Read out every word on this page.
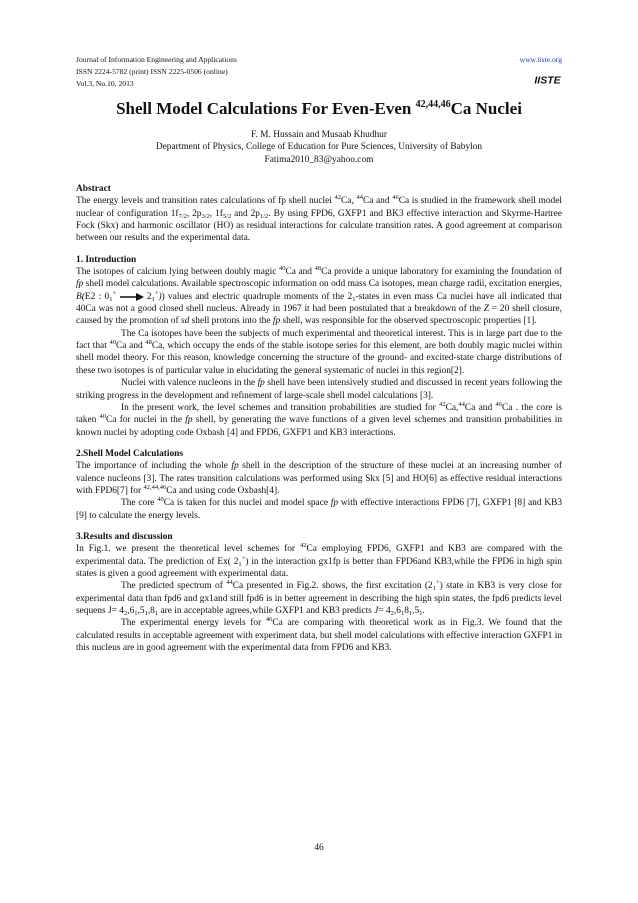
Journal of Information Engineering and Applications
ISSN 2224-5782 (print) ISSN 2225-0506 (online)
Vol.3, No.10, 2013
www.iiste.org
IISTE
Shell Model Calculations For Even-Even $^{42,44,46}$Ca Nuclei
F. M. Hussain and Musaab Khudhur
Department of Physics, College of Education for Pure Sciences, University of Babylon
Fatima2010_83@yahoo.com

Abstract

The energy levels and transition rates calculations of fp shell nuclei $^{42}$Ca, $^{44}$Ca and $^{46}$Ca is studied in the framework shell model nuclear of configuration $1f_{7/2}$, $2p_{3/2}$, $1f_{5/2}$ and $2p_{1/2}$. By using FPD6, GXFP1 and BK3 effective interaction and Skyrme-Hartree Fock (Skx) and harmonic oscillator (HO) as residual interactions for calculate transition rates. A good agreement at comparison between our results and the experimental data.

1. Introduction

The isotopes of calcium lying between doubly magic $^{40}$Ca and $^{48}$Ca provide a unique laboratory for examining the foundation of fp shell model calculations. Available spectroscopic information on odd mass Ca isotopes, mean charge radii, excitation energies, B(E2 : $0_1^+$	$2_1^+$)) values and electric quadruple moments of the $2_1$-states in even mass Ca nuclei have all indicated that 40Ca was not a good closed shell nucleus. Already in 1967 it had been postulated that a breakdown of the Z = 20 shell closure, caused by the promotion of sd shell protons into the fp shell, was responsible for the observed spectroscopic properties [1].

The Ca isotopes have been the subjects of much experimental and theoretical interest. This is in large part due to the fact that $^{40}$Ca and $^{48}$Ca, which occupy the ends of the stable isotope series for this element, are both doubly magic nuclei within shell model theory. For this reason, knowledge concerning the structure of the ground- and excited-state charge distributions of these two isotopes is of particular value in elucidating the general systematic of nuclei in this region[2].

Nuclei with valence nucleons in the fp shell have been intensively studied and discussed in recent years following the striking progress in the development and refinement of large-scale shell model calculations [3].

In the present work, the level schemes and transition probabilities are studied for $^{42}$Ca,$^{44}$Ca and $^{46}$Ca . the core is taken $^{40}$Ca for nuclei in the fp shell, by generating the wave functions of a given level schemes and transition probabilities in known nuclei by adopting code Oxbash [4] and FPD6, GXFP1 and KB3 interactions.

2.Shell Model Calculations

The importance of including the whole fp shell in the description of the structure of these nuclei at an increasing number of valence nucleons [3]. The rates transition calculations was performed using Skx [5] and HO[6] as effective residual interactions with FPD6[7] for $^{42,44,46}$Ca and using code Oxbash[4].

The core $^{40}$Ca is taken for this nuclei and model space fp with effective interactions FPD6 [7], GXFP1 [8] and KB3 [9] to calculate the energy levels.

3.Results and discussion

In Fig.1. we present the theoretical level schemes for $^{42}$Ca employing FPD6, GXFP1 and KB3 are compared with the experimental data. The prediction of Ex( $2_1^+$) in the interaction gx1fp is better than FPD6and KB3,while the FPD6 in high spin states is given a good agreement with experimental data.

The predicted spectrum of $^{44}$Ca presented in Fig.2. shows, the first excitation $(2_1^+)$ state in KB3 is very close for experimental data than fpd6 and gx1and still fpd6 is in better agreement in describing the high spin states, the fpd6 predicts level sequens $J= 4_2,6_1,5_1,8_1$ are in acceptable agrees,while GXFP1 and KB3 predicts $J= 4_2,6_18_1,5_1$.

The experimental energy levels for $^{46}$Ca are comparing with theoretical work as in Fig.3. We found that the calculated results in acceptable agreement with experiment data, but shell model calculations with effective interaction GXFP1 in this nucleus are in good agreement with the experimental data from FPD6 and KB3.

46
